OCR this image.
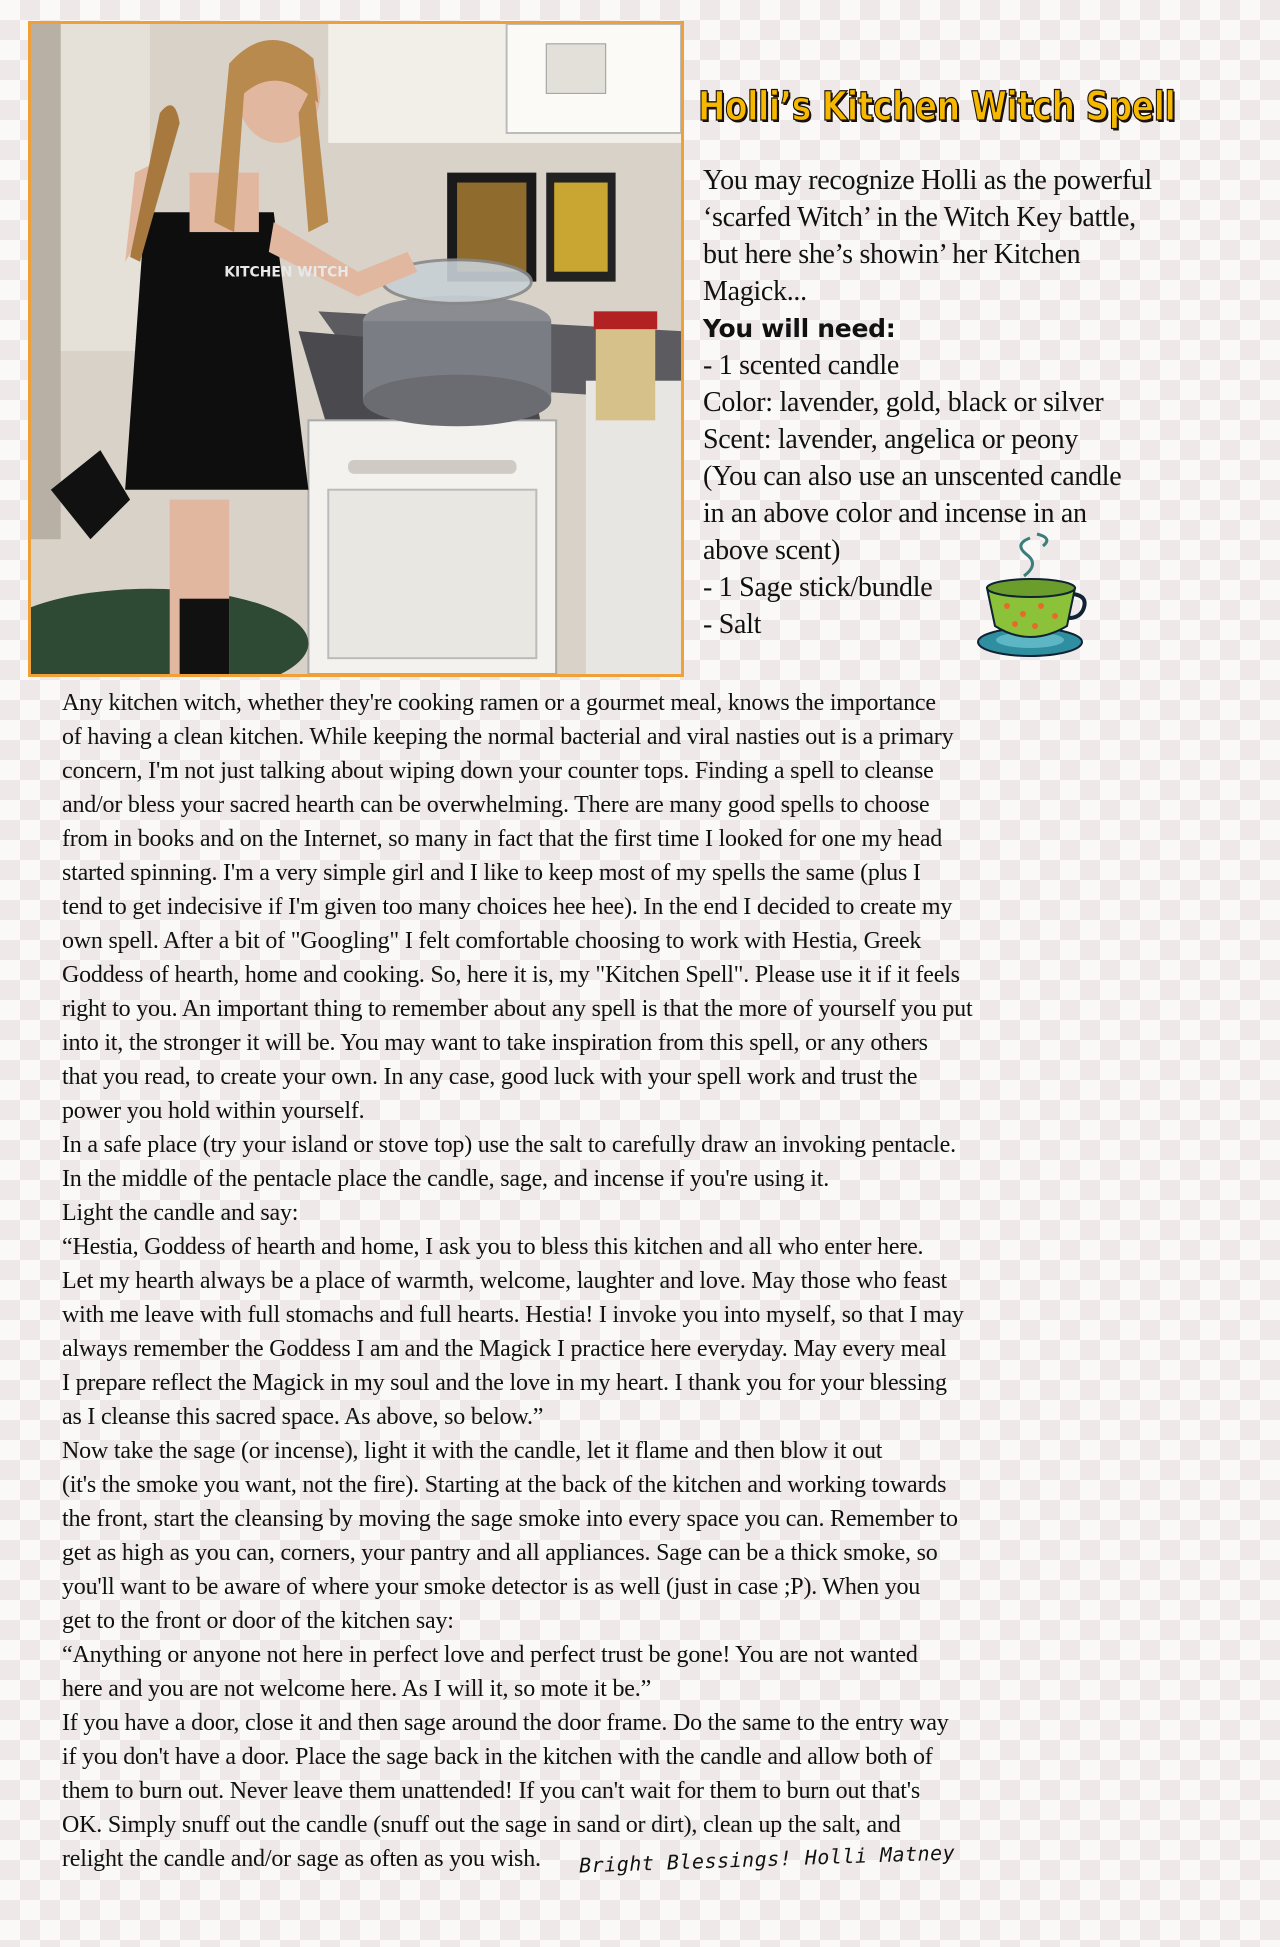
KITCHEN WITCH
Holli’s Kitchen Witch Spell
You may recognize Holli as the powerful
‘scarfed Witch’ in the Witch Key battle,
but here she’s showin’ her Kitchen
Magick...
You will need:
- 1 scented candle
Color: lavender, gold, black or silver
Scent: lavender, angelica or peony
(You can also use an unscented candle
in an above color and incense in an
above scent)
- 1 Sage stick/bundle
- Salt
Any kitchen witch, whether they're cooking ramen or a gourmet meal, knows the importance
of having a clean kitchen. While keeping the normal bacterial and viral nasties out is a primary
concern, I'm not just talking about wiping down your counter tops. Finding a spell to cleanse
and/or bless your sacred hearth can be overwhelming. There are many good spells to choose
from in books and on the Internet, so many in fact that the first time I looked for one my head
started spinning. I'm a very simple girl and I like to keep most of my spells the same (plus I
tend to get indecisive if I'm given too many choices hee hee). In the end I decided to create my
own spell. After a bit of "Googling" I felt comfortable choosing to work with Hestia, Greek
Goddess of hearth, home and cooking. So, here it is, my "Kitchen Spell". Please use it if it feels
right to you. An important thing to remember about any spell is that the more of yourself you put
into it, the stronger it will be. You may want to take inspiration from this spell, or any others
that you read, to create your own. In any case, good luck with your spell work and trust the
power you hold within yourself.
In a safe place (try your island or stove top) use the salt to carefully draw an invoking pentacle.
In the middle of the pentacle place the candle, sage, and incense if you're using it.
Light the candle and say:
“Hestia, Goddess of hearth and home, I ask you to bless this kitchen and all who enter here.
Let my hearth always be a place of warmth, welcome, laughter and love. May those who feast
with me leave with full stomachs and full hearts. Hestia! I invoke you into myself, so that I may
always remember the Goddess I am and the Magick I practice here everyday. May every meal
I prepare reflect the Magick in my soul and the love in my heart. I thank you for your blessing
as I cleanse this sacred space. As above, so below.”
Now take the sage (or incense), light it with the candle, let it flame and then blow it out
(it's the smoke you want, not the fire). Starting at the back of the kitchen and working towards
the front, start the cleansing by moving the sage smoke into every space you can. Remember to
get as high as you can, corners, your pantry and all appliances. Sage can be a thick smoke, so
you'll want to be aware of where your smoke detector is as well (just in case ;P). When you
get to the front or door of the kitchen say:
“Anything or anyone not here in perfect love and perfect trust be gone! You are not wanted
here and you are not welcome here. As I will it, so mote it be.”
If you have a door, close it and then sage around the door frame. Do the same to the entry way
if you don't have a door. Place the sage back in the kitchen with the candle and allow both of
them to burn out. Never leave them unattended! If you can't wait for them to burn out that's
OK. Simply snuff out the candle (snuff out the sage in sand or dirt), clean up the salt, and
relight the candle and/or sage as often as you wish. Bright Blessings! Holli Matney
